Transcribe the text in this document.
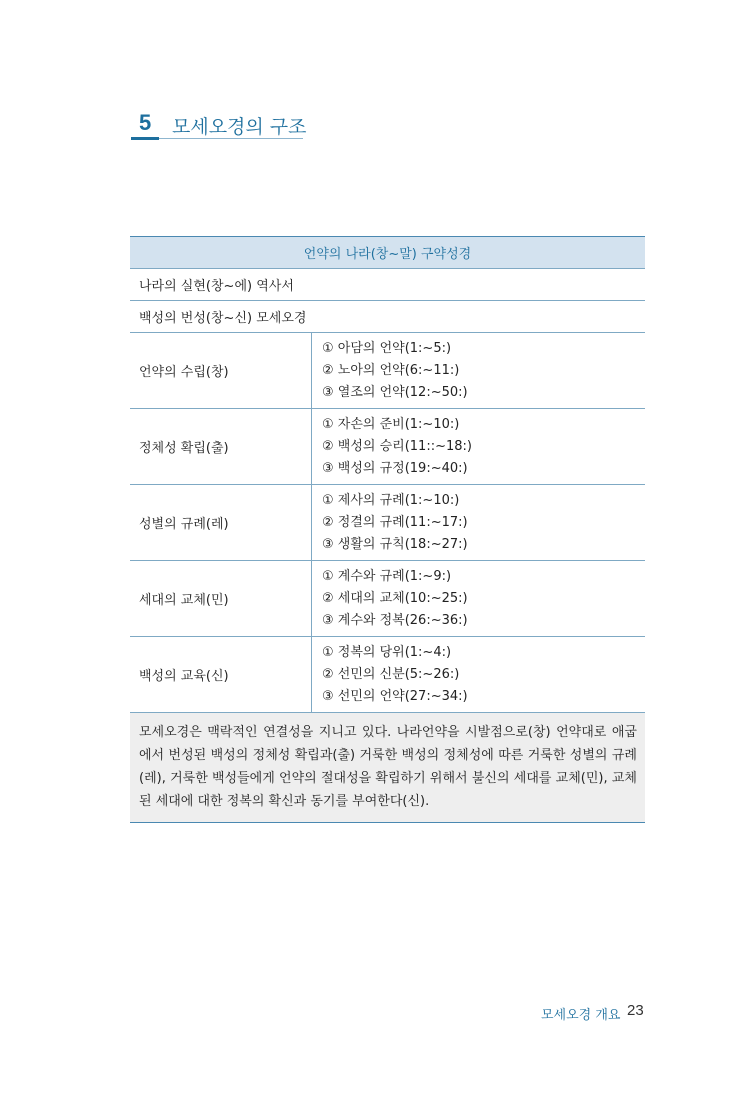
5 모세오경의 구조
언약의 나라(창~말) 구약성경	
나라의 실현(창~에) 역사서	
백성의 번성(창~신) 모세오경	
언약의 수립(창)	① 아담의 언약(1:~5:)
② 노아의 언약(6:~11:)
③ 열조의 언약(12:~50:)

정체성 확립(출)	① 자손의 준비(1:~10:)
② 백성의 승리(11::~18:)
③ 백성의 규정(19:~40:)

성별의 규례(레)	① 제사의 규례(1:~10:)
② 정결의 규례(11:~17:)
③ 생활의 규칙(18:~27:)

세대의 교체(민)	① 계수와 규례(1:~9:)
② 세대의 교체(10:~25:)
③ 계수와 정복(26:~36:)

백성의 교육(신)	① 정복의 당위(1:~4:)
② 선민의 신분(5:~26:)
③ 선민의 언약(27:~34:)

모세오경은 맥락적인 연결성을 지니고 있다. 나라언약을 시발점으로(창) 언약대로 애굽에서 번성된 백성의 정체성 확립과(출) 거룩한 백성의 정체성에 따른 거룩한 성별의 규례(레), 거룩한 백성들에게 언약의 절대성을 확립하기 위해서 불신의 세대를 교체(민), 교체된 세대에 대한 정복의 확신과 동기를 부여한다(신).	
모세오경 개요 23
